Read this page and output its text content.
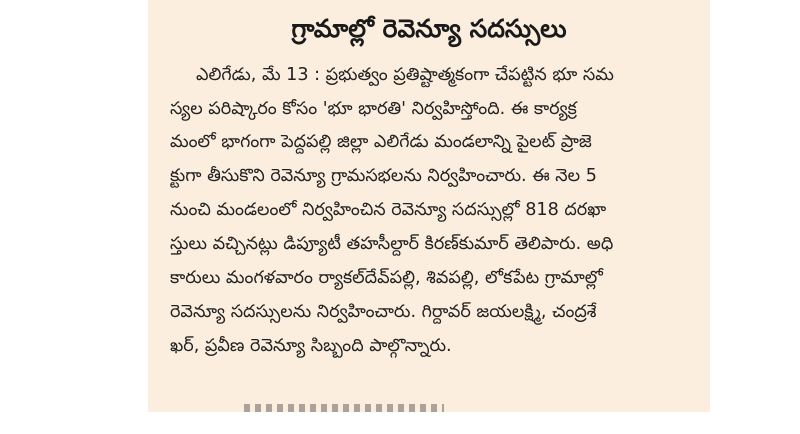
గ్రామాల్లో రెవెన్యూ సదస్సులు
ఎలిగేడు, మే 13 : ప్రభుత్వం ప్రతిష్టాత్మకంగా చేపట్టిన భూ సమ
స్యల పరిష్కారం కోసం 'భూ భారతి' నిర్వహిస్తోంది. ఈ కార్యక్ర
మంలో భాగంగా పెద్దపల్లి జిల్లా ఎలిగేడు మండలాన్ని పైలట్ ప్రాజె
క్టుగా తీసుకొని రెవెన్యూ గ్రామసభలను నిర్వహించారు. ఈ నెల 5
నుంచి మండలంలో నిర్వహించిన రెవెన్యూ సదస్సుల్లో 818 దరఖా
స్తులు వచ్చినట్లు డిప్యూటీ తహసీల్దార్ కిరణ్‌కుమార్ తెలిపారు. అధి
కారులు మంగళవారం ర్యాకల్‌దేవ్‌పల్లి, శివపల్లి, లోకపేట గ్రామాల్లో
రెవెన్యూ సదస్సులను నిర్వహించారు. గిర్దావర్ జయలక్ష్మి, చంద్రశే
ఖర్, ప్రవీణ రెవెన్యూ సిబ్బంది పాల్గొన్నారు.
